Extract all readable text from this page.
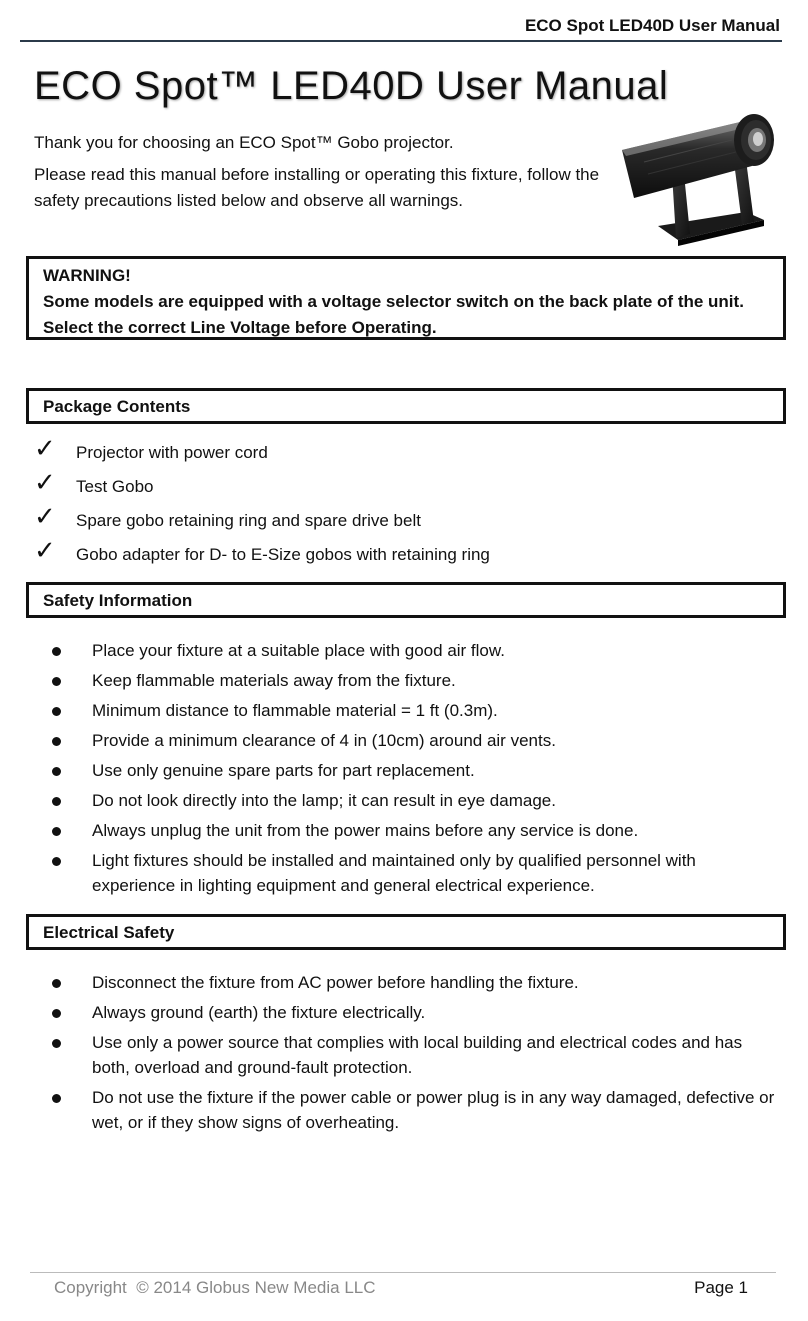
ECO Spot LED40D User Manual
ECO Spot™ LED40D User Manual

Thank you for choosing an ECO Spot™ Gobo projector.

Please read this manual before installing or operating this fixture, follow the safety precautions listed below and observe all warnings.

WARNING!
Some models are equipped with a voltage selector switch on the back plate of the unit. Select the correct Line Voltage before Operating.
Package Contents
✓ Projector with power cord
✓ Test Gobo
✓ Spare gobo retaining ring and spare drive belt
✓ Gobo adapter for D- to E-Size gobos with retaining ring
Safety Information
Place your fixture at a suitable place with good air flow.
Keep flammable materials away from the fixture.
Minimum distance to flammable material = 1 ft (0.3m).
Provide a minimum clearance of 4 in (10cm) around air vents.
Use only genuine spare parts for part replacement.
Do not look directly into the lamp; it can result in eye damage.
Always unplug the unit from the power mains before any service is done.
Light fixtures should be installed and maintained only by qualified personnel with experience in lighting equipment and general electrical experience.
Electrical Safety
Disconnect the fixture from AC power before handling the fixture.
Always ground (earth) the fixture electrically.
Use only a power source that complies with local building and electrical codes and has both, overload and ground-fault protection.
Do not use the fixture if the power cable or power plug is in any way damaged, defective or wet, or if they show signs of overheating.
Copyright  © 2014 Globus New Media LLC	Page 1
